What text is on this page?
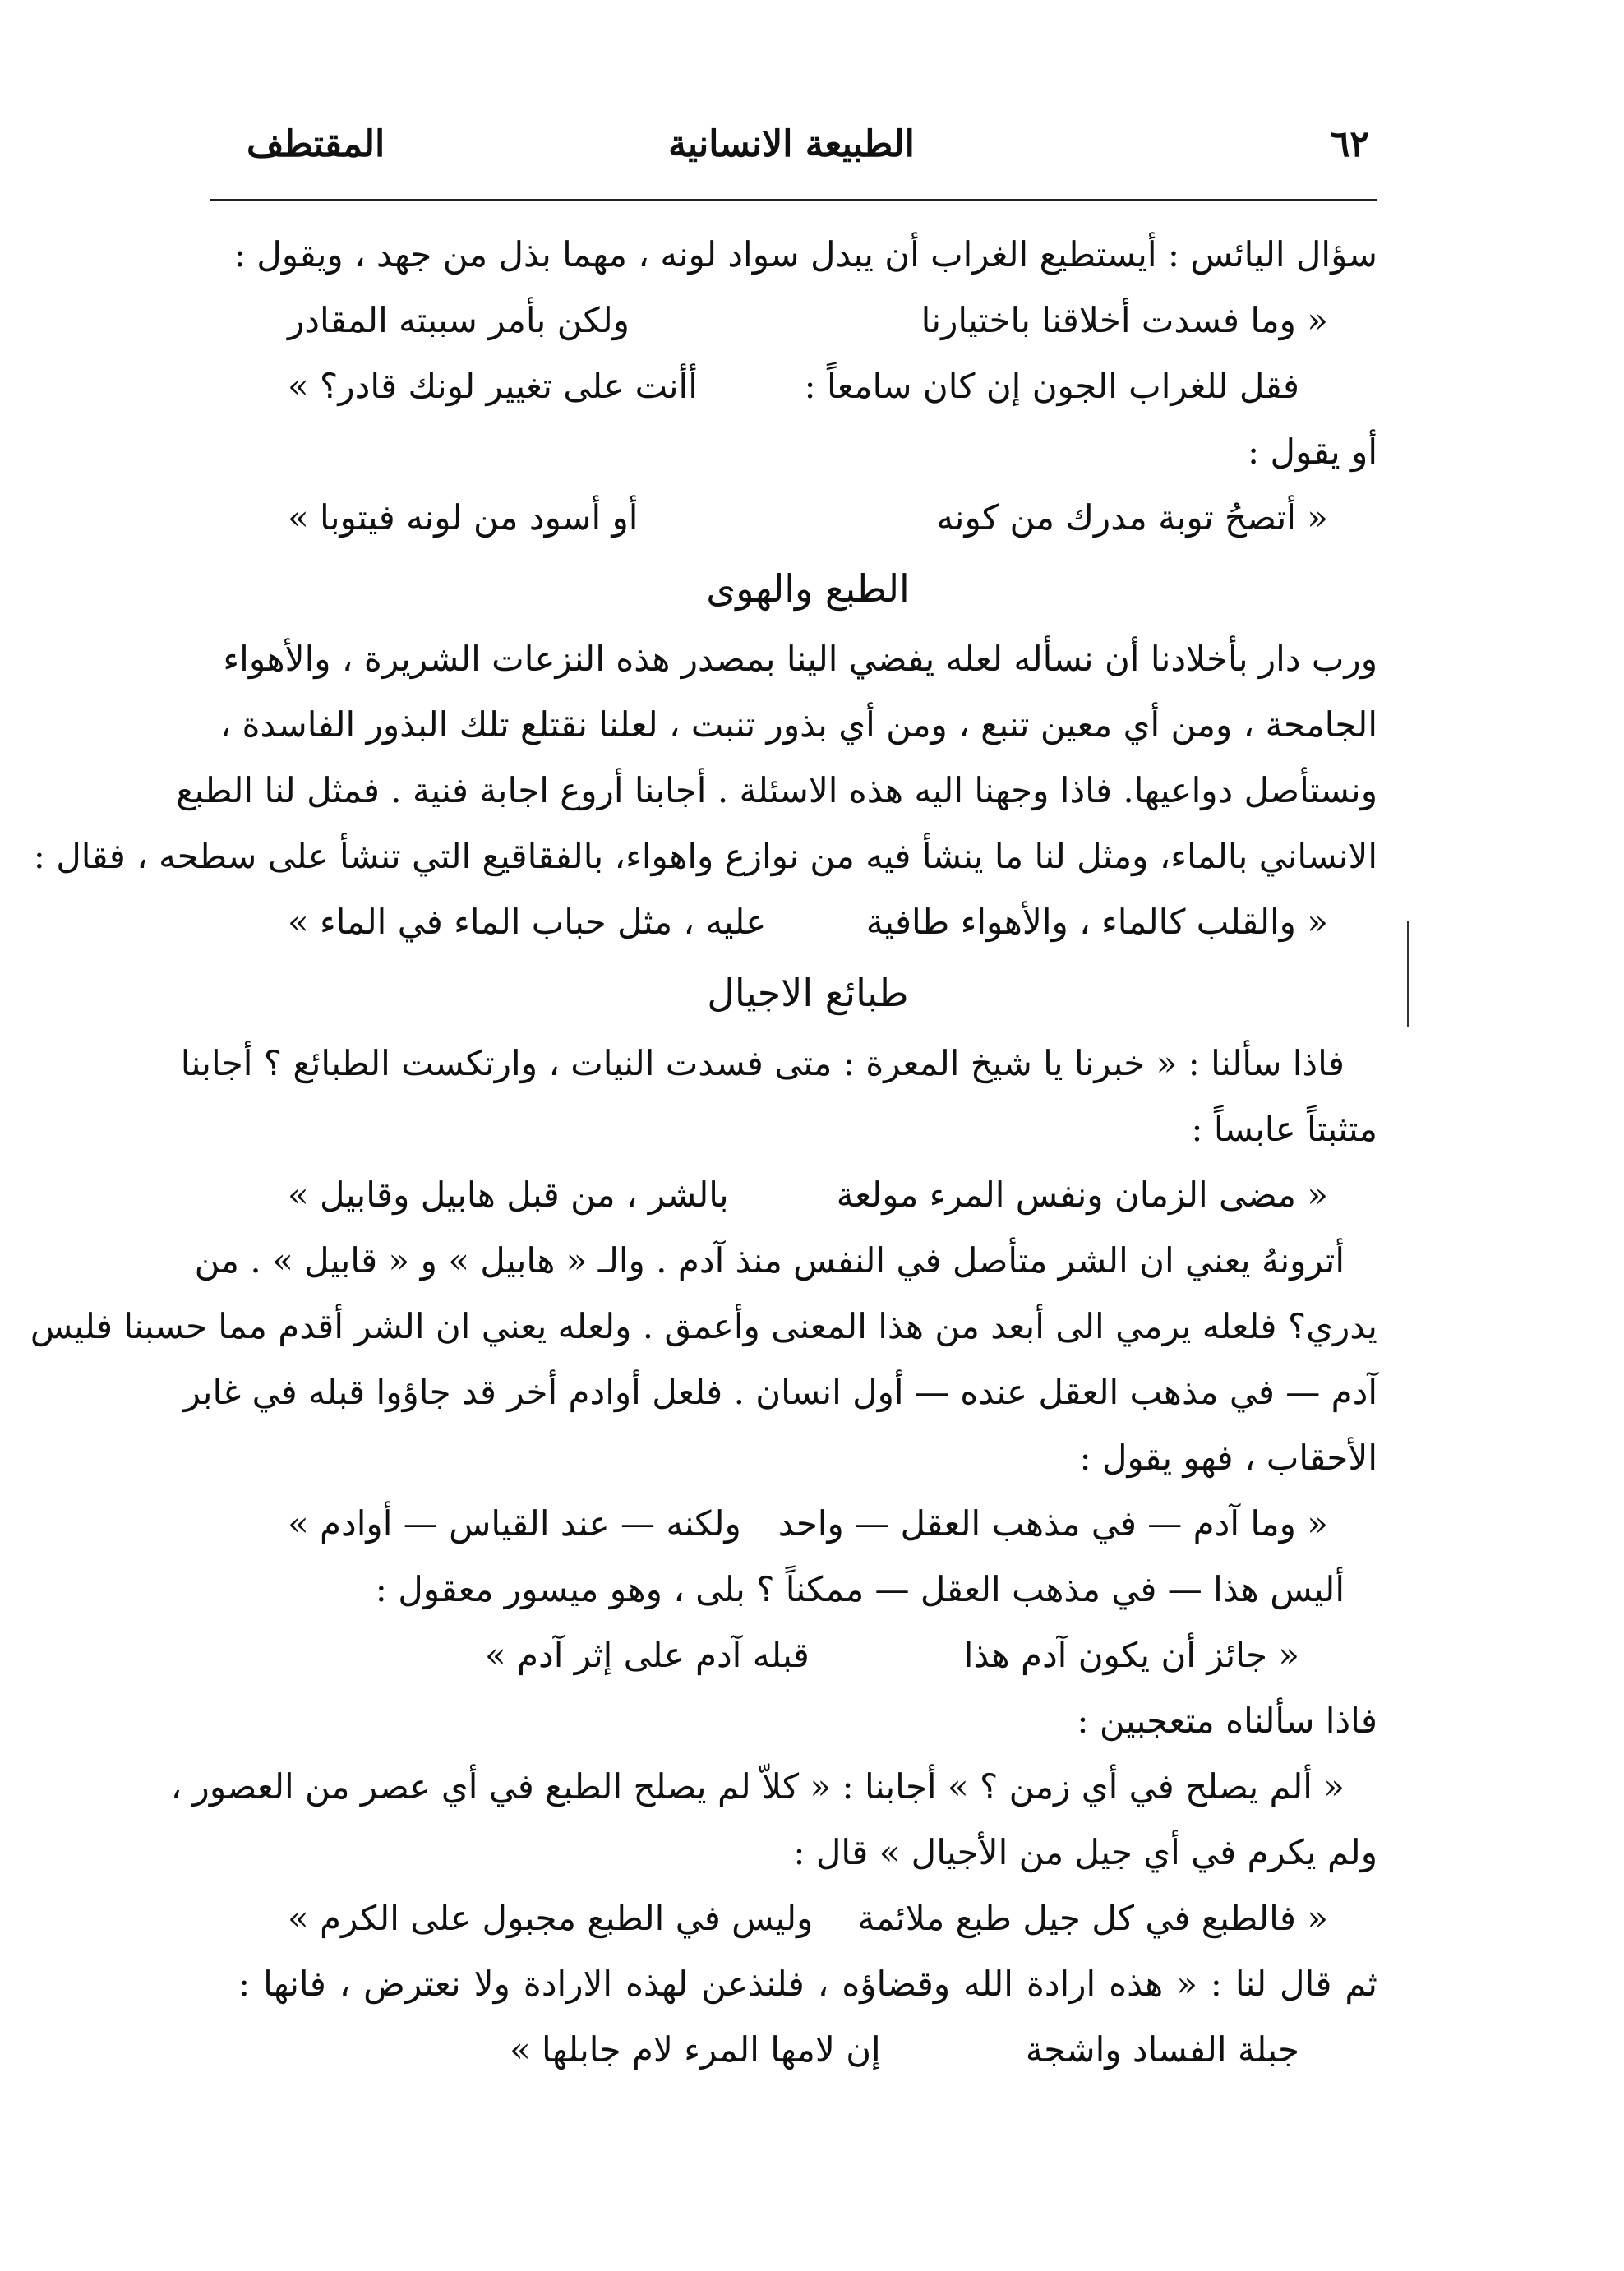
٦٢
الطبيعة الانسانية
المقتطف
سؤال اليائس : أيستطيع الغراب أن يبدل سواد لونه ، مهما بذل من جهد ، ويقول :
« وما فسدت أخلاقنا باختيارنا
ولكن بأمر سببته المقادر
فقل للغراب الجون إن كان سامعاً :
أأنت على تغيير لونك قادر؟ »
أو يقول :
« أتصحُ توبة مدرك من كونه
أو أسود من لونه فيتوبا »
الطبع والهوى
ورب دار بأخلادنا أن نسأله لعله يفضي الينا بمصدر هذه النزعات الشريرة ، والأهواء
الجامحة ، ومن أي معين تنبع ، ومن أي بذور تنبت ، لعلنا نقتلع تلك البذور الفاسدة ،
ونستأصل دواعيها. فاذا وجهنا اليه هذه الاسئلة . أجابنا أروع اجابة فنية . فمثل لنا الطبع
الانساني بالماء، ومثل لنا ما ينشأ فيه من نوازع واهواء، بالفقاقيع التي تنشأ على سطحه ، فقال :
« والقلب كالماء ، والأهواء طافية
عليه ، مثل حباب الماء في الماء »
طبائع الاجيال
فاذا سألنا : « خبرنا يا شيخ المعرة : متى فسدت النيات ، وارتكست الطبائع ؟ أجابنا
متثبتاً عابساً :
« مضى الزمان ونفس المرء مولعة
بالشر ، من قبل هابيل وقابيل »
أترونهُ يعني ان الشر متأصل في النفس منذ آدم . والـ « هابيل » و « قابيل » . من
يدري؟ فلعله يرمي الى أبعد من هذا المعنى وأعمق . ولعله يعني ان الشر أقدم مما حسبنا فليس
آدم — في مذهب العقل عنده — أول انسان . فلعل أوادم أخر قد جاؤوا قبله في غابر
الأحقاب ، فهو يقول :
« وما آدم — في مذهب العقل — واحد
ولكنه — عند القياس — أوادم »
أليس هذا — في مذهب العقل — ممكناً ؟ بلى ، وهو ميسور معقول :
« جائز أن يكون آدم هذا
قبله آدم على إثر آدم »
فاذا سألناه متعجبين :
« ألم يصلح في أي زمن ؟ » أجابنا : « كلاّ لم يصلح الطبع في أي عصر من العصور ،
ولم يكرم في أي جيل من الأجيال » قال :
« فالطبع في كل جيل طبع ملائمة
وليس في الطبع مجبول على الكرم »
ثم قال لنا : « هذه ارادة الله وقضاؤه ، فلنذعن لهذه الارادة ولا نعترض ، فانها :
جبلة الفساد واشجة
إن لامها المرء لام جابلها »
